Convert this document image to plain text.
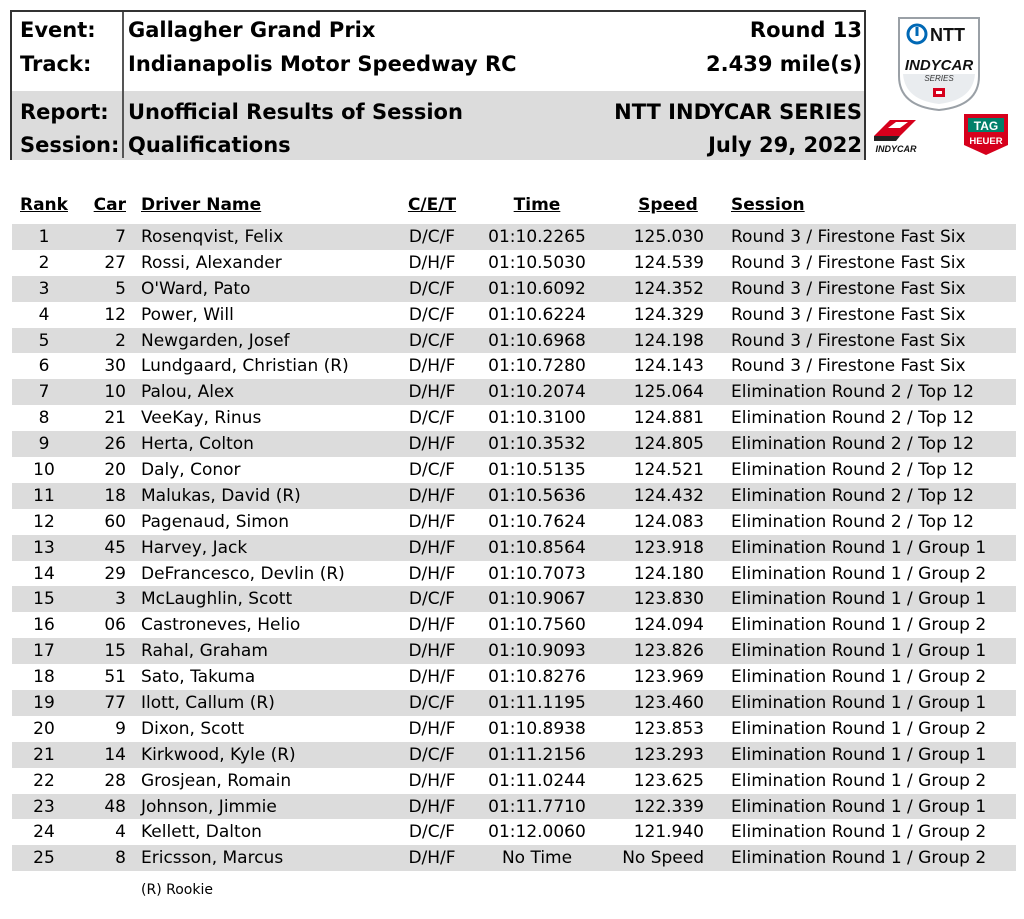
Event: Gallagher Grand Prix	Round 13
Track: Indianapolis Motor Speedway RC	2.439 mile(s)
Report: Unofficial Results of Session	NTT INDYCAR SERIES
Session: Qualifications	July 29, 2022
NTT
INDYCAR
SERIES
INDYCAR
TAG
HEUER
Rank	Car Driver Name	C/E/T	Time	Speed	Session
1	7 Rosenqvist, Felix	D/C/F	01:10.2265	125.030 Round 3 / Firestone Fast Six
2	27 Rossi, Alexander	D/H/F	01:10.5030	124.539 Round 3 / Firestone Fast Six
3	5 O'Ward, Pato	D/C/F	01:10.6092	124.352 Round 3 / Firestone Fast Six
4	12 Power, Will	D/C/F	01:10.6224	124.329 Round 3 / Firestone Fast Six
5	2 Newgarden, Josef	D/C/F	01:10.6968	124.198 Round 3 / Firestone Fast Six
6	30 Lundgaard, Christian (R)	D/H/F	01:10.7280	124.143 Round 3 / Firestone Fast Six
7	10 Palou, Alex	D/H/F	01:10.2074	125.064 Elimination Round 2 / Top 12
8	21 VeeKay, Rinus	D/C/F	01:10.3100	124.881 Elimination Round 2 / Top 12
9	26 Herta, Colton	D/H/F	01:10.3532	124.805 Elimination Round 2 / Top 12
10	20 Daly, Conor	D/C/F	01:10.5135	124.521 Elimination Round 2 / Top 12
11	18 Malukas, David (R)	D/H/F	01:10.5636	124.432 Elimination Round 2 / Top 12
12	60 Pagenaud, Simon	D/H/F	01:10.7624	124.083 Elimination Round 2 / Top 12
13	45 Harvey, Jack	D/H/F	01:10.8564	123.918 Elimination Round 1 / Group 1
14	29 DeFrancesco, Devlin (R)	D/H/F	01:10.7073	124.180 Elimination Round 1 / Group 2
15	3 McLaughlin, Scott	D/C/F	01:10.9067	123.830 Elimination Round 1 / Group 1
16	06 Castroneves, Helio	D/H/F	01:10.7560	124.094 Elimination Round 1 / Group 2
17	15 Rahal, Graham	D/H/F	01:10.9093	123.826 Elimination Round 1 / Group 1
18	51 Sato, Takuma	D/H/F	01:10.8276	123.969 Elimination Round 1 / Group 2
19	77 Ilott, Callum (R)	D/C/F	01:11.1195	123.460 Elimination Round 1 / Group 1
20	9 Dixon, Scott	D/H/F	01:10.8938	123.853 Elimination Round 1 / Group 2
21	14 Kirkwood, Kyle (R)	D/C/F	01:11.2156	123.293 Elimination Round 1 / Group 1
22	28 Grosjean, Romain	D/H/F	01:11.0244	123.625 Elimination Round 1 / Group 2
23	48 Johnson, Jimmie	D/H/F	01:11.7710	122.339 Elimination Round 1 / Group 1
24	4 Kellett, Dalton	D/C/F	01:12.0060	121.940 Elimination Round 1 / Group 2
25	8 Ericsson, Marcus	D/H/F	No Time	No Speed Elimination Round 1 / Group 2
(R) Rookie
